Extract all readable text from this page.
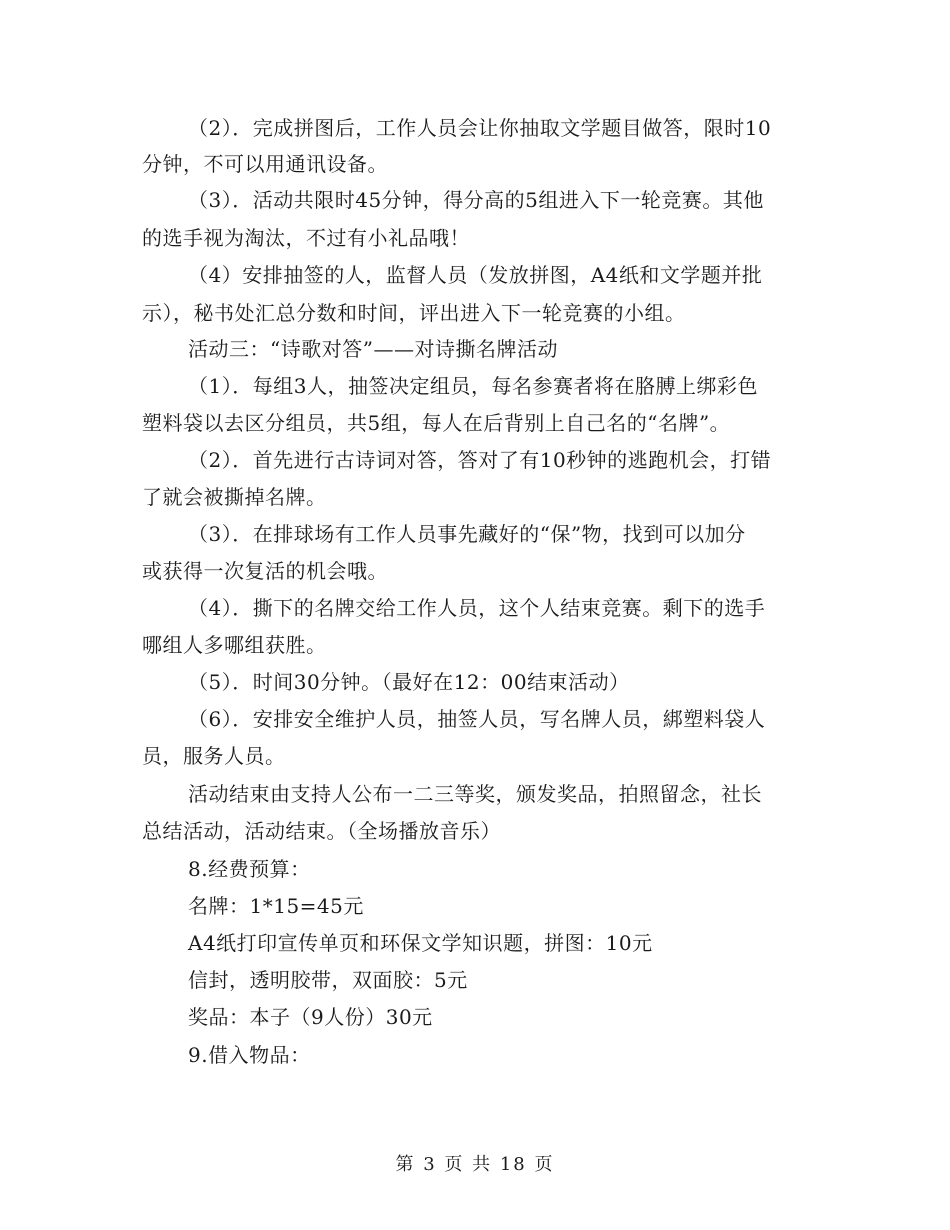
（2）．完成拼图后，工作人员会让你抽取文学题目做答，限时10
分钟，不可以用通讯设备。
（3）．活动共限时45分钟，得分高的5组进入下一轮竞赛。其他
的选手视为淘汰，不过有小礼品哦！
（4）安排抽签的人，监督人员（发放拼图，A4纸和文学题并批
示），秘书处汇总分数和时间，评出进入下一轮竞赛的小组。
活动三：“诗歌对答”——对诗撕名牌活动
（1）．每组3人，抽签决定组员，每名参赛者将在胳膊上绑彩色
塑料袋以去区分组员，共5组，每人在后背别上自己名的“名牌”。
（2）．首先进行古诗词对答，答对了有10秒钟的逃跑机会，打错
了就会被撕掉名牌。
（3）．在排球场有工作人员事先藏好的“保”物，找到可以加分
或获得一次复活的机会哦。
（4）．撕下的名牌交给工作人员，这个人结束竞赛。剩下的选手
哪组人多哪组获胜。
（5）．时间30分钟。（最好在12：00结束活动）
（6）．安排安全维护人员，抽签人员，写名牌人员，綁塑料袋人
员，服务人员。
活动结束由支持人公布一二三等奖，颁发奖品，拍照留念，社长
总结活动，活动结束。（全场播放音乐）
8.经费预算：
名牌：1*15=45元
A4纸打印宣传单页和环保文学知识题，拼图：10元
信封，透明胶带，双面胶：5元
奖品：本子（9人份）30元
9.借入物品：
第 3 页 共 18 页
